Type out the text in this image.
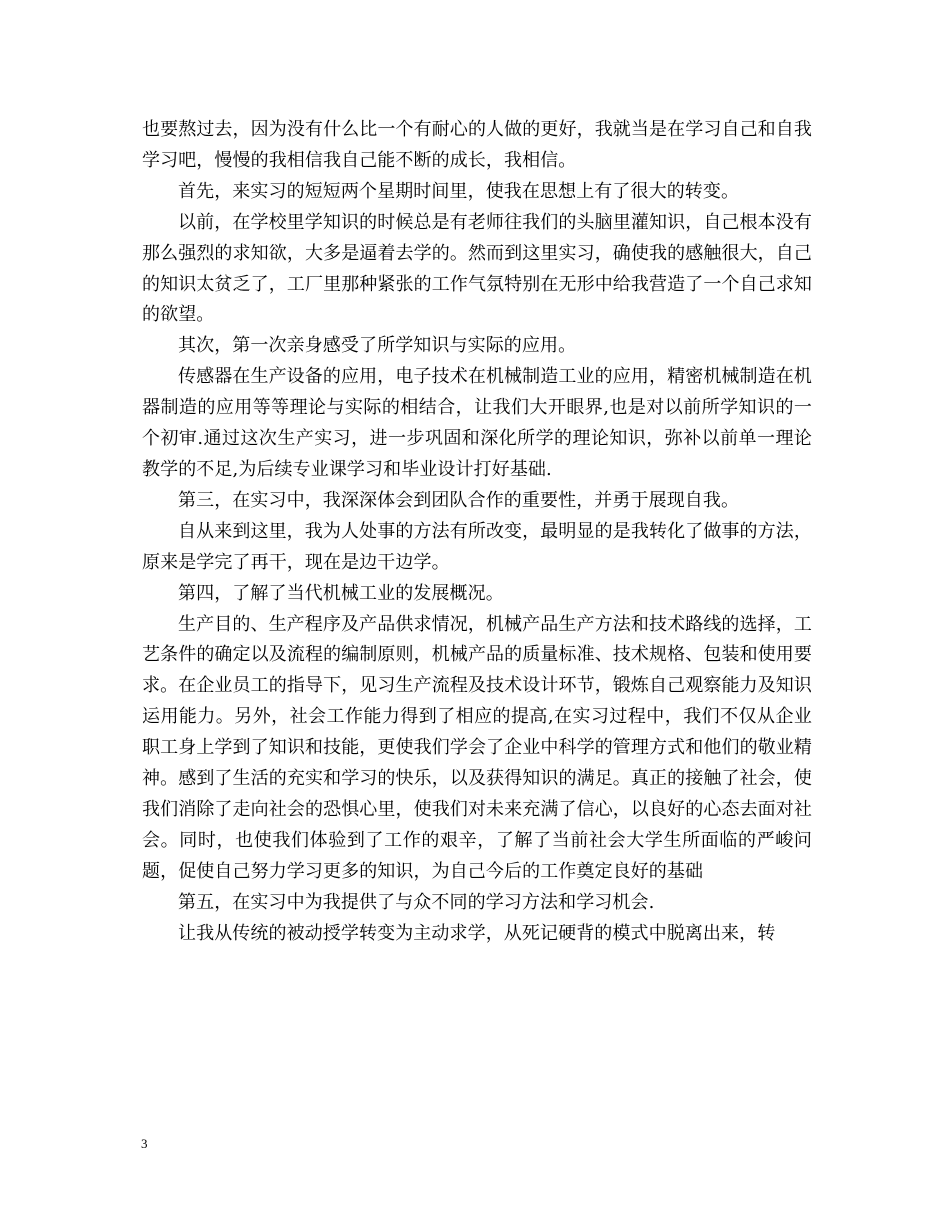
也要熬过去，因为没有什么比一个有耐心的人做的更好，我就当是在学习自己和自我学习吧，慢慢的我相信我自己能不断的成长，我相信。

首先，来实习的短短两个星期时间里，使我在思想上有了很大的转变。

以前，在学校里学知识的时候总是有老师往我们的头脑里灌知识，自己根本没有那么强烈的求知欲，大多是逼着去学的。然而到这里实习，确使我的感触很大，自己的知识太贫乏了，工厂里那种紧张的工作气氛特别在无形中给我营造了一个自己求知的欲望。

其次，第一次亲身感受了所学知识与实际的应用。

传感器在生产设备的应用，电子技术在机械制造工业的应用，精密机械制造在机器制造的应用等等理论与实际的相结合，让我们大开眼界,也是对以前所学知识的一个初审.通过这次生产实习，进一步巩固和深化所学的理论知识，弥补以前单一理论教学的不足,为后续专业课学习和毕业设计打好基础.

第三，在实习中，我深深体会到团队合作的重要性，并勇于展现自我。

自从来到这里，我为人处事的方法有所改变，最明显的是我转化了做事的方法，原来是学完了再干，现在是边干边学。

第四，了解了当代机械工业的发展概况。

生产目的、生产程序及产品供求情况，机械产品生产方法和技术路线的选择，工艺条件的确定以及流程的编制原则，机械产品的质量标准、技术规格、包装和使用要求。在企业员工的指导下，见习生产流程及技术设计环节，锻炼自己观察能力及知识运用能力。另外，社会工作能力得到了相应的提高,在实习过程中，我们不仅从企业职工身上学到了知识和技能，更使我们学会了企业中科学的管理方式和他们的敬业精神。感到了生活的充实和学习的快乐，以及获得知识的满足。真正的接触了社会，使我们消除了走向社会的恐惧心里，使我们对未来充满了信心，以良好的心态去面对社会。同时，也使我们体验到了工作的艰辛，了解了当前社会大学生所面临的严峻问题，促使自己努力学习更多的知识，为自己今后的工作奠定良好的基础

第五，在实习中为我提供了与众不同的学习方法和学习机会.

让我从传统的被动授学转变为主动求学，从死记硬背的模式中脱离出来，转

3
